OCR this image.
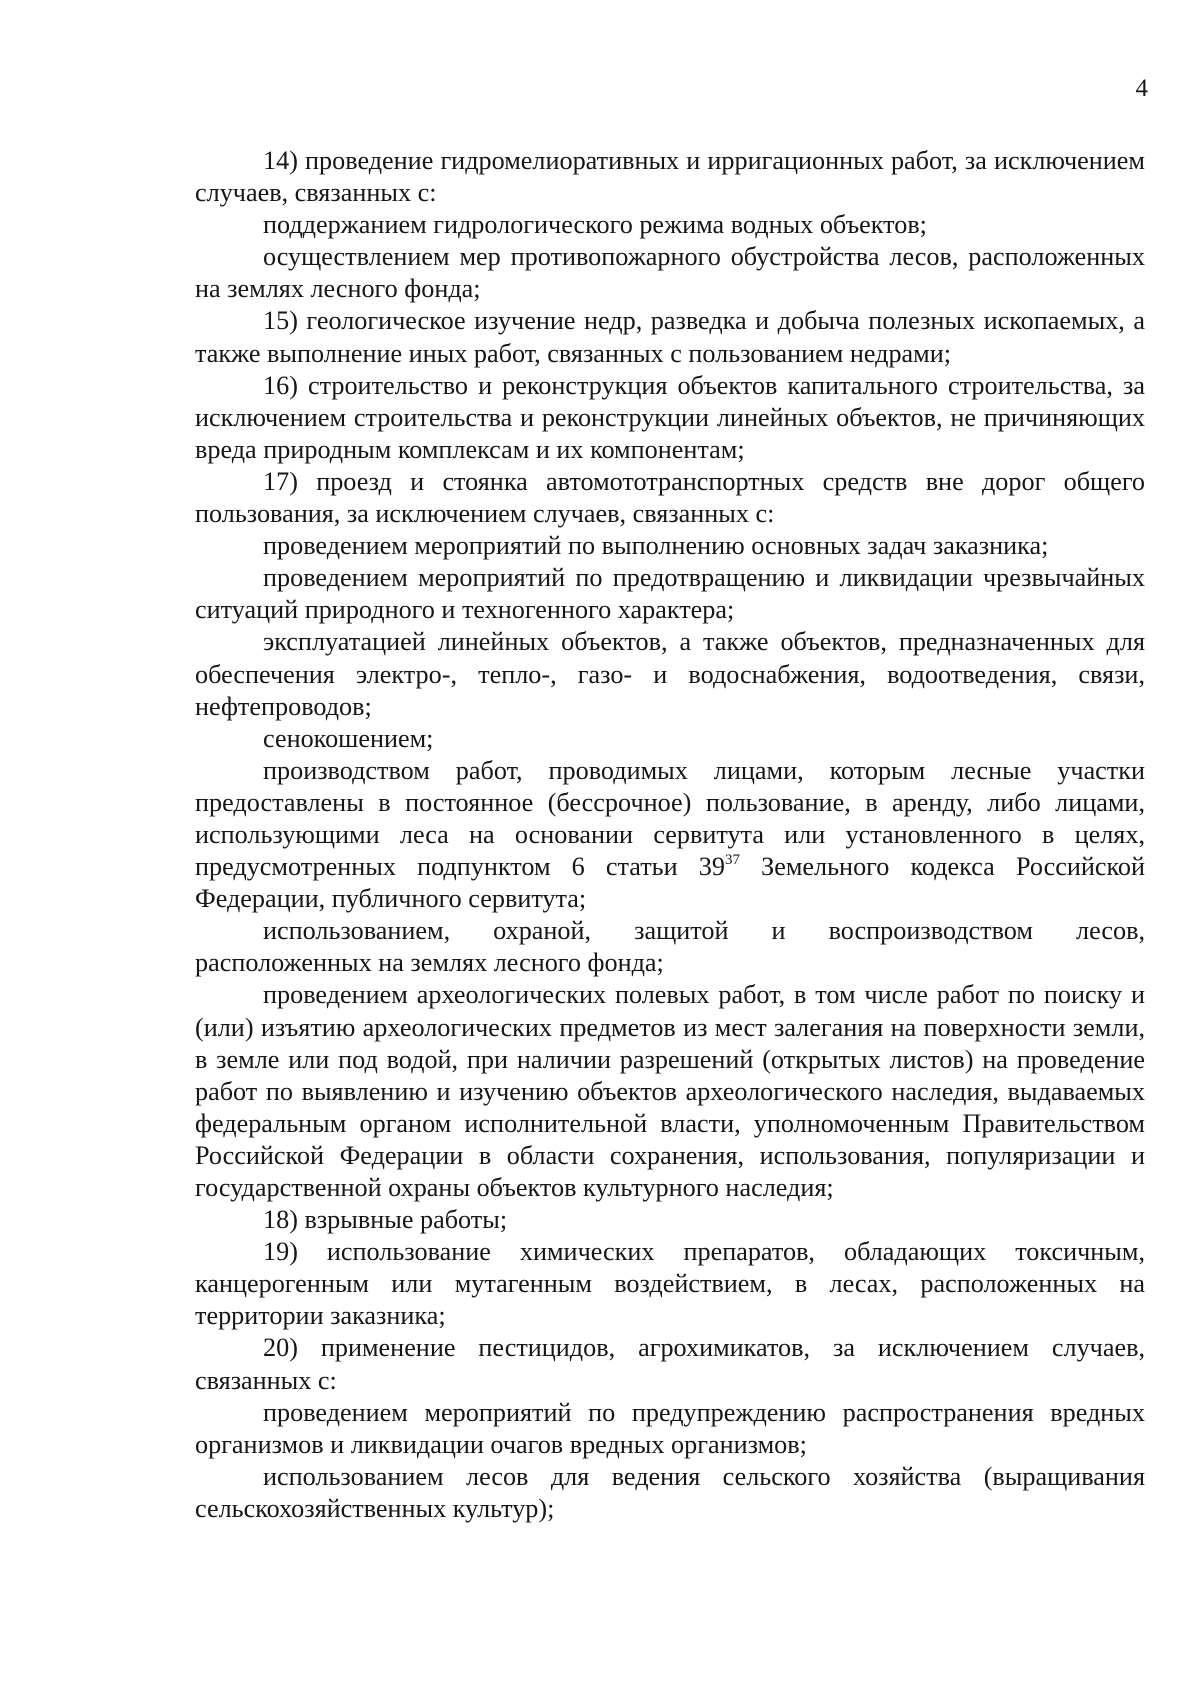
4

14) проведение гидромелиоративных и ирригационных работ, за исключением случаев, связанных с:

поддержанием гидрологического режима водных объектов;

осуществлением мер противопожарного обустройства лесов, расположенных на землях лесного фонда;

15) геологическое изучение недр, разведка и добыча полезных ископаемых, а также выполнение иных работ, связанных с пользованием недрами;

16) строительство и реконструкция объектов капитального строительства, за исключением строительства и реконструкции линейных объектов, не причиняющих вреда природным комплексам и их компонентам;

17) проезд и стоянка автомототранспортных средств вне дорог общего пользования, за исключением случаев, связанных с:

проведением мероприятий по выполнению основных задач заказника;

проведением мероприятий по предотвращению и ликвидации чрезвычайных ситуаций природного и техногенного характера;

эксплуатацией линейных объектов, а также объектов, предназначенных для обеспечения электро-, тепло-, газо- и водоснабжения, водоотведения, связи, нефтепроводов;

сенокошением;

производством работ, проводимых лицами, которым лесные участки предоставлены в постоянное (бессрочное) пользование, в аренду, либо лицами, использующими леса на основании сервитута или установленного в целях, предусмотренных подпунктом 6 статьи $39^{37}$ Земельного кодекса Российской Федерации, публичного сервитута;

использованием, охраной, защитой и воспроизводством лесов, расположенных на землях лесного фонда;

проведением археологических полевых работ, в том числе работ по поиску и (или) изъятию археологических предметов из мест залегания на поверхности земли, в земле или под водой, при наличии разрешений (открытых листов) на проведение работ по выявлению и изучению объектов археологического наследия, выдаваемых федеральным органом исполнительной власти, уполномоченным Правительством Российской Федерации в области сохранения, использования, популяризации и государственной охраны объектов культурного наследия;

18) взрывные работы;

19) использование химических препаратов, обладающих токсичным, канцерогенным или мутагенным воздействием, в лесах, расположенных на территории заказника;

20) применение пестицидов, агрохимикатов, за исключением случаев, связанных с:

проведением мероприятий по предупреждению распространения вредных организмов и ликвидации очагов вредных организмов;

использованием лесов для ведения сельского хозяйства (выращивания сельскохозяйственных культур);
